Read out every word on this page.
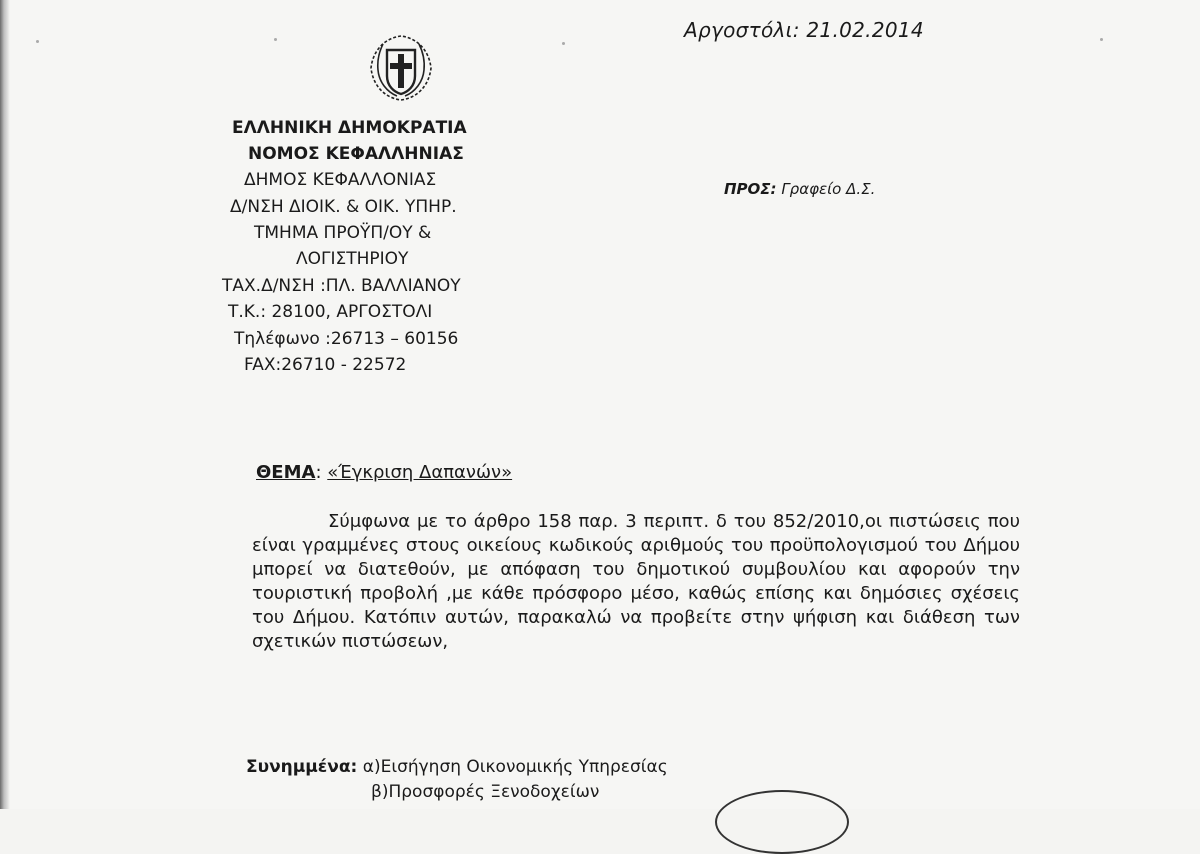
Αργοστόλι: 21.02.2014
ΕΛΛΗΝΙΚΗ ΔΗΜΟΚΡΑΤΙΑ
ΝΟΜΟΣ ΚΕΦΑΛΛΗΝΙΑΣ
ΔΗΜΟΣ ΚΕΦΑΛΛΟΝΙΑΣ
Δ/ΝΣΗ ΔΙΟΙΚ. & ΟΙΚ. ΥΠΗΡ.
ΤΜΗΜΑ ΠΡΟΫΠ/ΟΥ &
ΛΟΓΙΣΤΗΡΙΟΥ
ΤΑΧ.Δ/ΝΣΗ :ΠΛ. ΒΑΛΛΙΑΝΟΥ
Τ.Κ.: 28100, ΑΡΓΟΣΤΟΛΙ
Τηλέφωνο :26713 – 60156
FAX:26710 - 22572
ΠΡΟΣ: Γραφείο Δ.Σ.
ΘΕΜΑ: «Έγκριση Δαπανών»
Σύμφωνα με το άρθρο 158 παρ. 3 περιπτ. δ του 852/2010,οι πιστώσεις που είναι γραμμένες στους οικείους κωδικούς αριθμούς του προϋπολογισμού του Δήμου μπορεί να διατεθούν, με απόφαση του δημοτικού συμβουλίου και αφορούν την τουριστική προβολή ,με κάθε πρόσφορο μέσο, καθώς επίσης και δημόσιες σχέσεις του Δήμου. Κατόπιν αυτών, παρακαλώ να προβείτε στην ψήφιση και διάθεση των σχετικών πιστώσεων,
Συνημμένα: α)Εισήγηση Οικονομικής Υπηρεσίας
β)Προσφορές Ξενοδοχείων
